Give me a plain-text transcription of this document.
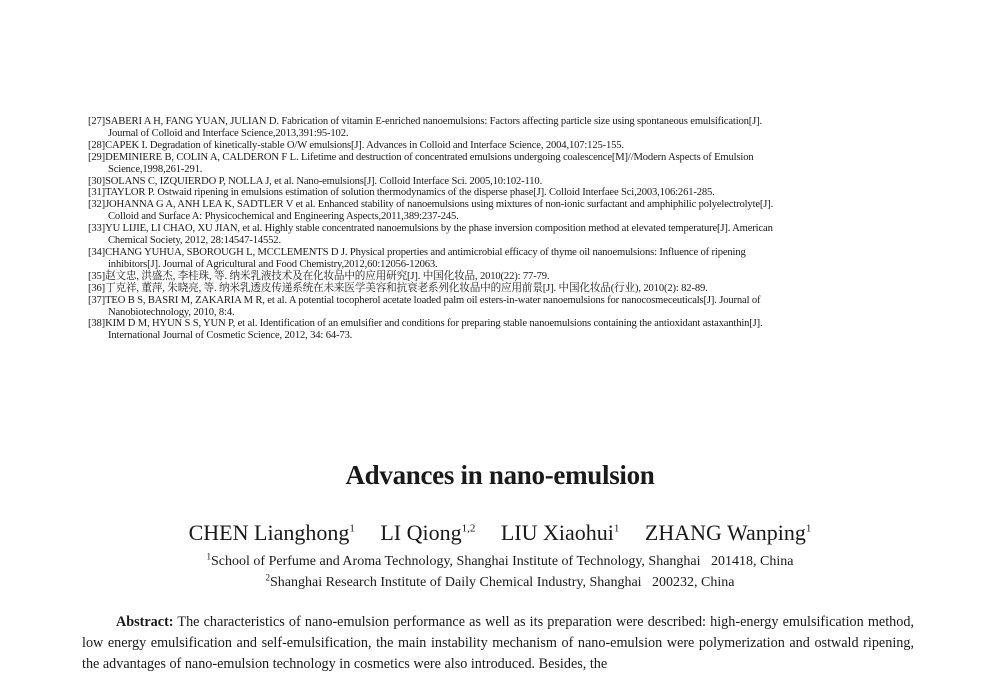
[27]SABERI A H, FANG YUAN, JULIAN D. Fabrication of vitamin E-enriched nanoemulsions: Factors affecting particle size using spontaneous emulsification[J].
Journal of Colloid and Interface Science,2013,391:95-102.
[28]CAPEK I. Degradation of kinetically-stable O/W emulsions[J]. Advances in Colloid and Interface Science, 2004,107:125-155.
[29]DEMINIERE B, COLIN A, CALDERON F L. Lifetime and destruction of concentrated emulsions undergoing coalescence[M]//Modern Aspects of Emulsion
Science,1998,261-291.
[30]SOLANS C, IZQUIERDO P, NOLLA J, et al. Nano-emulsions[J]. Colloid Interface Sci. 2005,10:102-110.
[31]TAYLOR P. Ostwaid ripening in emulsions estimation of solution thermodynamics of the disperse phase[J]. Colloid Interfaee Sci,2003,106:261-285.
[32]JOHANNA G A, ANH LEA K, SADTLER V et al. Enhanced stability of nanoemulsions using mixtures of non-ionic surfactant and amphiphilic polyelectrolyte[J].
Colloid and Surface A: Physicochemical and Engineering Aspects,2011,389:237-245.
[33]YU LIJIE, LI CHAO, XU JIAN, et al. Highly stable concentrated nanoemulsions by the phase inversion composition method at elevated temperature[J]. American
Chemical Society, 2012, 28:14547-14552.
[34]CHANG YUHUA, SBOROUGH L, MCCLEMENTS D J. Physical properties and antimicrobial efficacy of thyme oil nanoemulsions: Influence of ripening
inhibitors[J]. Journal of Agricultural and Food Chemistry,2012,60:12056-12063.
[35]赵文忠, 洪盛杰, 李桂珠, 等. 纳米乳液技术及在化妆品中的应用研究[J]. 中国化妆品, 2010(22): 77-79.
[36]丁克祥, 董萍, 朱晓亮, 等. 纳米乳透皮传递系统在未来医学美容和抗衰老系列化妆品中的应用前景[J]. 中国化妆品(行业), 2010(2): 82-89.
[37]TEO B S, BASRI M, ZAKARIA M R, et al. A potential tocopherol acetate loaded palm oil esters-in-water nanoemulsions for nanocosmeceuticals[J]. Journal of
Nanobiotechnology, 2010, 8:4.
[38]KIM D M, HYUN S S, YUN P, et al. Identification of an emulsifier and conditions for preparing stable nanoemulsions containing the antioxidant astaxanthin[J].
International Journal of Cosmetic Science, 2012, 34: 64-73.
Advances in nano-emulsion
CHEN Lianghong$^1$ LI Qiong$^{1,2}$ LIU Xiaohui$^1$ ZHANG Wanping$^1$
$^1$School of Perfume and Aroma Technology, Shanghai Institute of Technology, Shanghai   201418, China
$^2$Shanghai Research Institute of Daily Chemical Industry, Shanghai   200232, China
Abstract: The characteristics of nano-emulsion performance as well as its preparation were described: high-energy emulsification method, low energy emulsification and self-emulsification, the main instability mechanism of nano-emulsion were polymerization and ostwald ripening, the advantages of nano-emulsion technology in cosmetics were also introduced. Besides, the
